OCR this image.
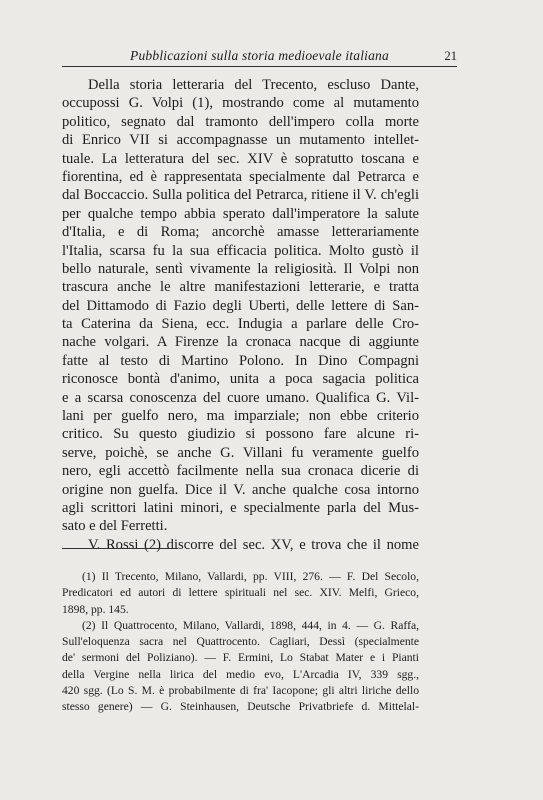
Pubblicazioni sulla storia medioevale italiana	21
Della storia letteraria del Trecento, escluso Dante,
occupossi G. Volpi (1), mostrando come al mutamento
politico, segnato dal tramonto dell'impero colla morte
di Enrico VII si accompagnasse un mutamento intellet-
tuale. La letteratura del sec. XIV è sopratutto toscana e
fiorentina, ed è rappresentata specialmente dal Petrarca e
dal Boccaccio. Sulla politica del Petrarca, ritiene il V. ch'egli
per qualche tempo abbia sperato dall'imperatore la salute
d'Italia, e di Roma; ancorchè amasse letterariamente
l'Italia, scarsa fu la sua efficacia politica. Molto gustò il
bello naturale, sentì vivamente la religiosità. Il Volpi non
trascura anche le altre manifestazioni letterarie, e tratta
del Dittamodo di Fazio degli Uberti, delle lettere di San-
ta Caterina da Siena, ecc. Indugia a parlare delle Cro-
nache volgari. A Firenze la cronaca nacque di aggiunte
fatte al testo di Martino Polono. In Dino Compagni
riconosce bontà d'animo, unita a poca sagacia politica
e a scarsa conoscenza del cuore umano. Qualifica G. Vil-
lani per guelfo nero, ma imparziale; non ebbe criterio
critico. Su questo giudizio si possono fare alcune ri-
serve, poichè, se anche G. Villani fu veramente guelfo
nero, egli accettò facilmente nella sua cronaca dicerie di
origine non guelfa. Dice il V. anche qualche cosa intorno
agli scrittori latini minori, e specialmente parla del Mus-
sato e del Ferretti.
V. Rossi (2) discorre del sec. XV, e trova che il nome
(1) Il Trecento, Milano, Vallardi, pp. VIII, 276. — F. Del Secolo,
Predicatori ed autori di lettere spirituali nel sec. XIV. Melfi, Grieco,
1898, pp. 145.
(2) Il Quattrocento, Milano, Vallardi, 1898, 444, in 4. — G. Raffa,
Sull'eloquenza sacra nel Quattrocento. Cagliari, Dessì (specialmente
de' sermoni del Poliziano). — F. Ermini, Lo Stabat Mater e i Pianti
della Vergine nella lirica del medio evo, L'Arcadia IV, 339 sgg.,
420 sgg. (Lo S. M. è probabilmente di fra' Iacopone; gli altri liriche dello
stesso genere) — G. Steinhausen, Deutsche Privatbriefe d. Mittelal-
